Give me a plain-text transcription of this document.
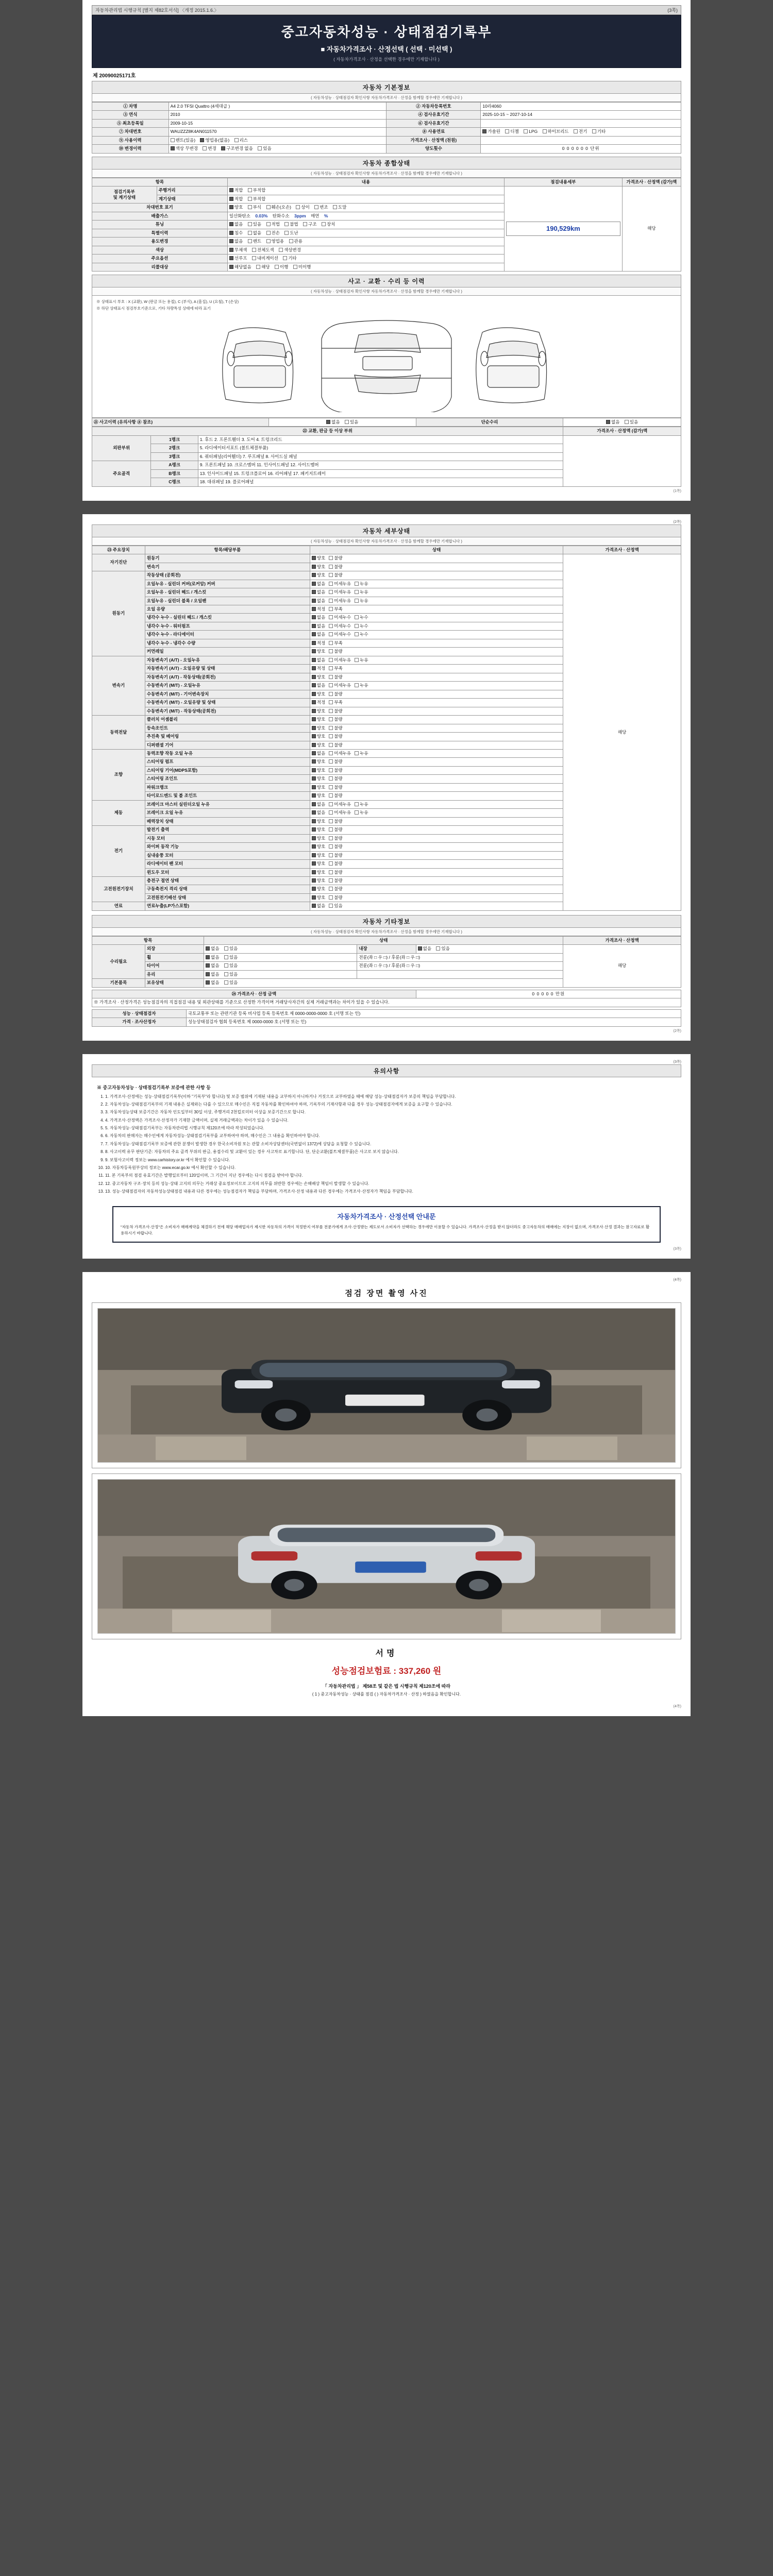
자동차관리법 시행규칙 [별지 제82호서식] 〈개정 2015.1.6.〉	(3쪽)
중고자동차성능 · 상태점검기록부
■ 자동차가격조사 · 산정선택 ( 선택 · 미선택 )
( 자동차가격조사 · 산정을 선택한 경우에만 기재합니다 )
제 20090025171호
자동차 기본정보
( 자동차성능 · 상태점검자 확인사항 자동차가격조사 · 산정을 함께할 경우에만 기재합니다 )
① 차명	A4 2.0 TFSI Quattro (4세대급 )	② 자동차등록번호	10라4060
③ 연식	2010	④ 검사유효기간	2025-10-15 ~ 2027-10-14
⑤ 최초등록일	2009-10-15	⑥ 검사유효기간	
⑦ 차대번호	WAUZZZ8K4AN011570	⑧ 사용연료	가솔린 디젤 LPG 하이브리드 전기 기타
⑨ 사용이력	렌트(있음) 영업용(없음) 리스	가격조사 · 산정액 (천원)	
⑩ 변경이력	색상 무변경 변경 구조변경 없음 있음	양도횟수	0 0 0 0 0 0 단위
자동차 종합상태
( 자동차성능 · 상태점검자 확인사항 자동차가격조사 · 산정을 함께할 경우에만 기재합니다 )
항목		내용	점검내용세부	가격조사 · 산정액 (감가)액
점검기록부
및 계기상태	주행거리	적합 부적합	190,529km	해당

	계기상태	적합 부적합		
차대번호 표기		양호 부식 훼손(오손) 상이 변조 도말		
배출가스		일산화탄소 0.03% 탄화수소 3ppm 매연 %		
튜닝		없음 있음 적법 불법 구조 장치		
특별이력		침수 없음 전손 도난		
용도변경		없음 렌트 영업용 관용		
색상		무채색 전체도색 색상변경		
주요옵션		선루프 내비게이션 기타		
리콜대상		해당없음 해당 이행 미이행		
사고 · 교환 · 수리 등 이력
( 자동차성능 · 상태점검자 확인사항 자동차가격조사 · 산정을 함께할 경우에만 기재합니다 )
※ 상태표시 부호 : X (교환), W (판금 또는 용접), C (부식), A (흠집), U (요철), T (손상)
※ 하단 상태표시 점검부호기준으로, 기타 차량특성 상태에 따라 표기
㉑ 사고이력 (유의사항 ⑧ 참조)	없음 있음	단순수리	없음 있음
㉒ 교환, 판금 등 이상 부위			가격조사 · 산정액 (감가)액
외판부위	1랭크	1. 후드 2. 프론트휀더 3. 도어 4. 트렁크리드	
	2랭크	5. 라디에이터서포트 (볼트체결부품)	
	3랭크	6. 쿼터패널(리어휀더) 7. 루프패널 8. 사이드실 패널	
주요골격	A랭크	9. 프론트패널 10. 크로스멤버 11. 인사이드패널 12. 사이드멤버	
	B랭크	13. 인사이드패널 15. 트렁크플로어 16. 리어패널 17. 패키지트레이	
	C랭크	18. 대쉬패널 19. 플로어패널	
(1쪽)
(2쪽)
자동차 세부상태
( 자동차성능 · 상태점검자 확인사항 자동차가격조사 · 산정을 함께할 경우에만 기재합니다 )
㉓ 주요장치	항목/해당부품	상태	가격조사 · 산정액
자기진단	원동기	양호 불량	해당
	변속기	양호 불량	
원동기	작동상태 (공회전)	양호 불량	
	오일누유 - 실린더 커버(로커암) 커버	없음 미세누유 누유	
	오일누유 - 실린더 헤드 / 개스킷	없음 미세누유 누유	
	오일누유 - 실린더 블록 / 오일팬	없음 미세누유 누유	
	오일 유량	적정 부족	
	냉각수 누수 - 실린더 헤드 / 개스킷	없음 미세누수 누수	
	냉각수 누수 - 워터펌프	없음 미세누수 누수	
	냉각수 누수 - 라디에이터	없음 미세누수 누수	
	냉각수 누수 - 냉각수 수량	적정 부족	
	커먼레일	양호 불량	
변속기	자동변속기 (A/T) - 오일누유	없음 미세누유 누유	
	자동변속기 (A/T) - 오일유량 및 상태	적정 부족	
	자동변속기 (A/T) - 작동상태(공회전)	양호 불량	
	수동변속기 (M/T) - 오일누유	없음 미세누유 누유	
	수동변속기 (M/T) - 기어변속장치	양호 불량	
	수동변속기 (M/T) - 오일유량 및 상태	적정 부족	
	수동변속기 (M/T) - 작동상태(공회전)	양호 불량	
동력전달	클러치 어셈블리	양호 불량	
	등속조인트	양호 불량	
	추진축 및 베어링	양호 불량	
	디퍼렌셜 기어	양호 불량	
조향	동력조향 작동 오일 누유	없음 미세누유 누유	
	스티어링 펌프	양호 불량	
	스티어링 기어(MDPS포함)	양호 불량	
	스티어링 조인트	양호 불량	
	파워크랭크	양호 불량	
	타이로드엔드 및 볼 조인트	양호 불량	
제동	브레이크 마스터 실린더오일 누유	없음 미세누유 누유	
	브레이크 오일 누유	없음 미세누유 누유	
	배력장치 상태	양호 불량	
전기	발전기 출력	양호 불량	
	시동 모터	양호 불량	
	와이퍼 동작 기능	양호 불량	
	실내송풍 모터	양호 불량	
	라디에이터 팬 모터	양호 불량	
	윈도우 모터	양호 불량	
고전원전기장치	충전구 절연 상태	양호 불량	
	구동축전지 격리 상태	양호 불량	
	고전원전기배선 상태	양호 불량	
연료	연료누출(LP가스포함)	없음 있음	
자동차 기타정보
( 자동차성능 · 상태점검자 확인사항 자동차가격조사 · 산정을 함께할 경우에만 기재합니다 )
항목		상태			가격조사 · 산정액
수리필요	외장	없음 있음	내장	없음 있음	해당
	휠	없음 있음	전륜(좌 □ 우 □) / 후륜(좌 □ 우 □)		
	타이어	없음 있음	전륜(좌 □ 우 □) / 후륜(좌 □ 우 □)		
	유리	없음 있음			
기본품목	보유상태	없음 있음			
㉔ 가격조사 · 산정 금액	0 0 0 0 0 만원
※ 가격조사 · 산정가격은 성능점검자의 직접점검 내용 및 외관상태를 기준으로 산정한 가격이며 거래당사자간의 실제 거래금액과는 차이가 있을 수 있습니다.
성능 · 상태점검자	국토교통부 또는 관련기관 등록 비사업 등록 등록번호 제 0000-0000-0000 호 (서명 또는 인)
가격 · 조사산정자	성능상태점검자 협회 등록번호 제 0000-0000 호 (서명 또는 인)
(2쪽)
(3쪽)
유의사항
※ 중고자동차성능 · 상태점검기록부 보증에 관한 사항 등
1. 1. 가격조사·산정에는 성능·상태점검기록부(이하 "기록부"라 합니다) 및 보증 범위에 기재된 내용을 교부하지 아니하거나 거짓으로 교부하였을 때에 해당 성능·상태점검자가 보증의 책임을 부담합니다.
2. 2. 자동차성능·상태점검기록부의 기재 내용은 실제와는 다를 수 있으므로 매수인은 직접 자동차를 확인하여야 하며, 기록부의 기재사항과 다를 경우 성능·상태점검자에게 보증을 요구할 수 있습니다.
3. 3. 자동차성능상태 보증기간은 자동차 인도일부터 30일 이상, 주행거리 2천킬로미터 이상을 보증기간으로 합니다.
4. 4. 가격조사·산정액은 가격조사·산정자가 기재한 금액이며, 실제 거래금액과는 차이가 있을 수 있습니다.
5. 5. 자동차성능·상태점검기록부는 자동차관리법 시행규칙 제120조에 따라 작성되었습니다.
6. 6. 자동차의 판매자는 매수인에게 자동차성능·상태점검기록부를 교부하여야 하며, 매수인은 그 내용을 확인하여야 합니다.
7. 7. 자동차성능·상태점검기록부 보증에 관한 분쟁이 발생한 경우 한국소비자원 또는 관할 소비자상담센터(국번없이 1372)에 상담을 요청할 수 있습니다.
8. 8. 사고이력 유무 판단기준: 자동차의 주요 골격 부위의 판금, 용접수리 및 교환이 있는 경우 사고차로 표기합니다. 단, 단순교환(볼트체결부품)은 사고로 보지 않습니다.
9. 9. 보험사고이력 정보는 www.carhistory.or.kr 에서 확인할 수 있습니다.
10. 10. 자동차등록원부상의 정보는 www.ecar.go.kr 에서 확인할 수 있습니다.
11. 11. 본 기록부의 점검 유효기간은 발행일로부터 120일이며, 그 기간이 지난 경우에는 다시 점검을 받아야 합니다.
12. 12. 중고자동차 구조·장치 등의 성능·상태 고지의 의무는 거래상 중요정보이므로 고지의 의무를 위반한 경우에는 손해배상 책임이 발생할 수 있습니다.
13. 13. 성능·상태점검자의 자동차성능상태점검 내용과 다른 경우에는 성능점검자가 책임을 부담하며, 가격조사·산정 내용과 다른 경우에는 가격조사·산정자가 책임을 부담합니다.
자동차가격조사 · 산정선택 안내문
"자동차 가격조사·산정"은 소비자가 매매계약을 체결하기 전에 해당 매매업자가 제시한 자동차의 가격이 적정한지 여부를 전문가에게 조사·산정받는 제도로서 소비자가 선택하는 경우에만 이용할 수 있습니다. 가격조사·산정을 받지 않더라도 중고자동차의 매매에는 지장이 없으며, 가격조사·산정 결과는 참고자료로 활용하시기 바랍니다.
(3쪽)
(4쪽)
점검 장면 촬영 사진
서명
성능점검보험료 : 337,260 원
「 자동차관리법 」 제58조 및 같은 법 시행규칙 제120조에 따라
( 1 ) 중고자동차성능 · 상태를 점검 ( ) 자동차가격조사 · 산정 ) 하였음을 확인합니다.
(4쪽)
